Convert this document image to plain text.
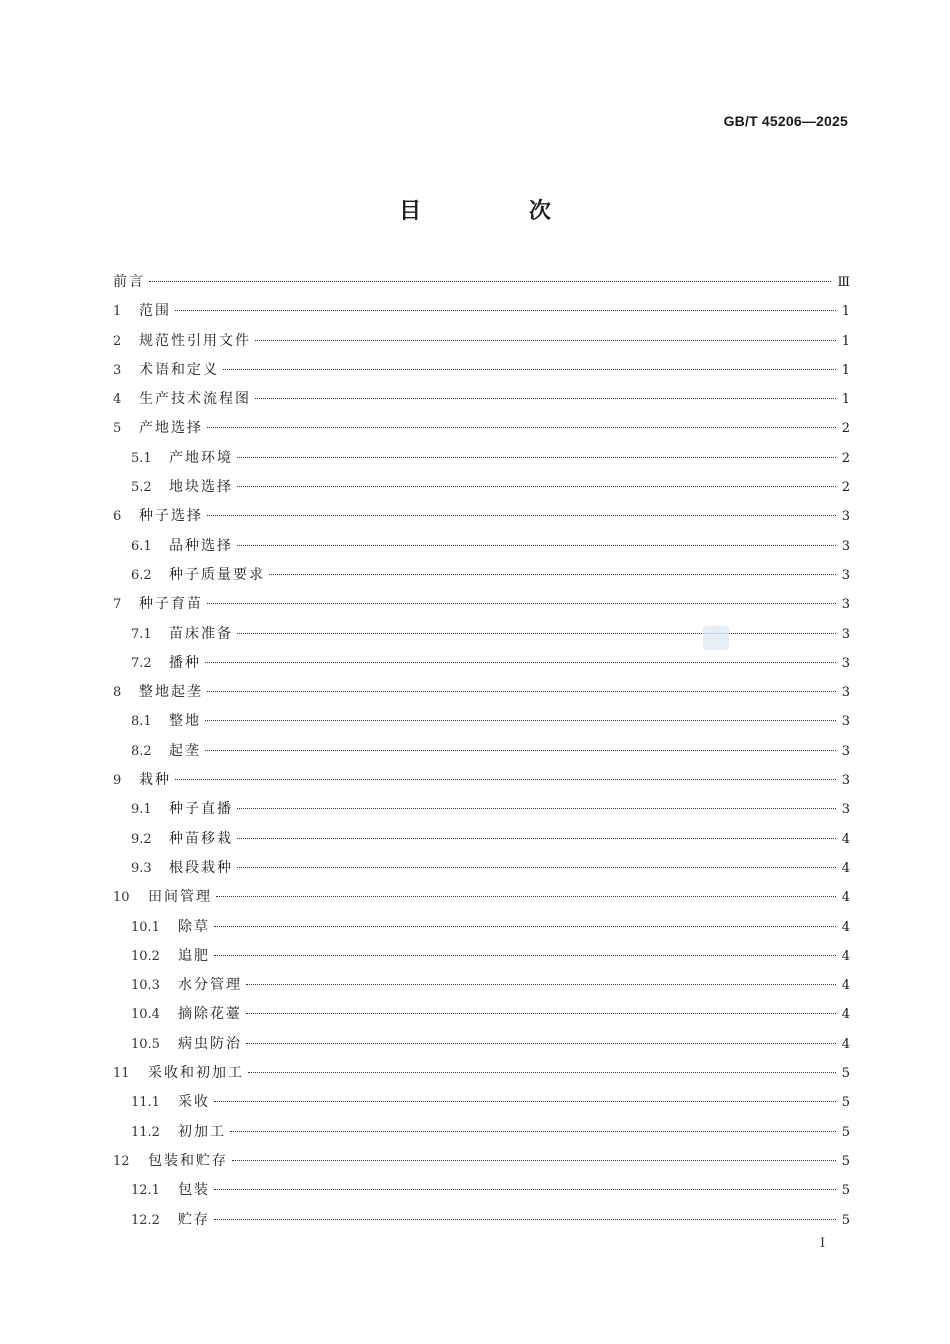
GB/T 45206—2025
目 次
前言	Ⅲ
1	范围	1
2	规范性引用文件	1
3	术语和定义	1
4	生产技术流程图	1
5	产地选择	2
5.1	产地环境	2
5.2	地块选择	2
6	种子选择	3
6.1	品种选择	3
6.2	种子质量要求	3
7	种子育苗	3
7.1	苗床准备	3
7.2	播种	3
8	整地起垄	3
8.1	整地	3
8.2	起垄	3
9	栽种	3
9.1	种子直播	3
9.2	种苗移栽	4
9.3	根段栽种	4
10	田间管理	4
10.1	除草	4
10.2	追肥	4
10.3	水分管理	4
10.4	摘除花薹	4
10.5	病虫防治	4
11	采收和初加工	5
11.1	采收	5
11.2	初加工	5
12	包装和贮存	5
12.1	包装	5
12.2	贮存	5
I
